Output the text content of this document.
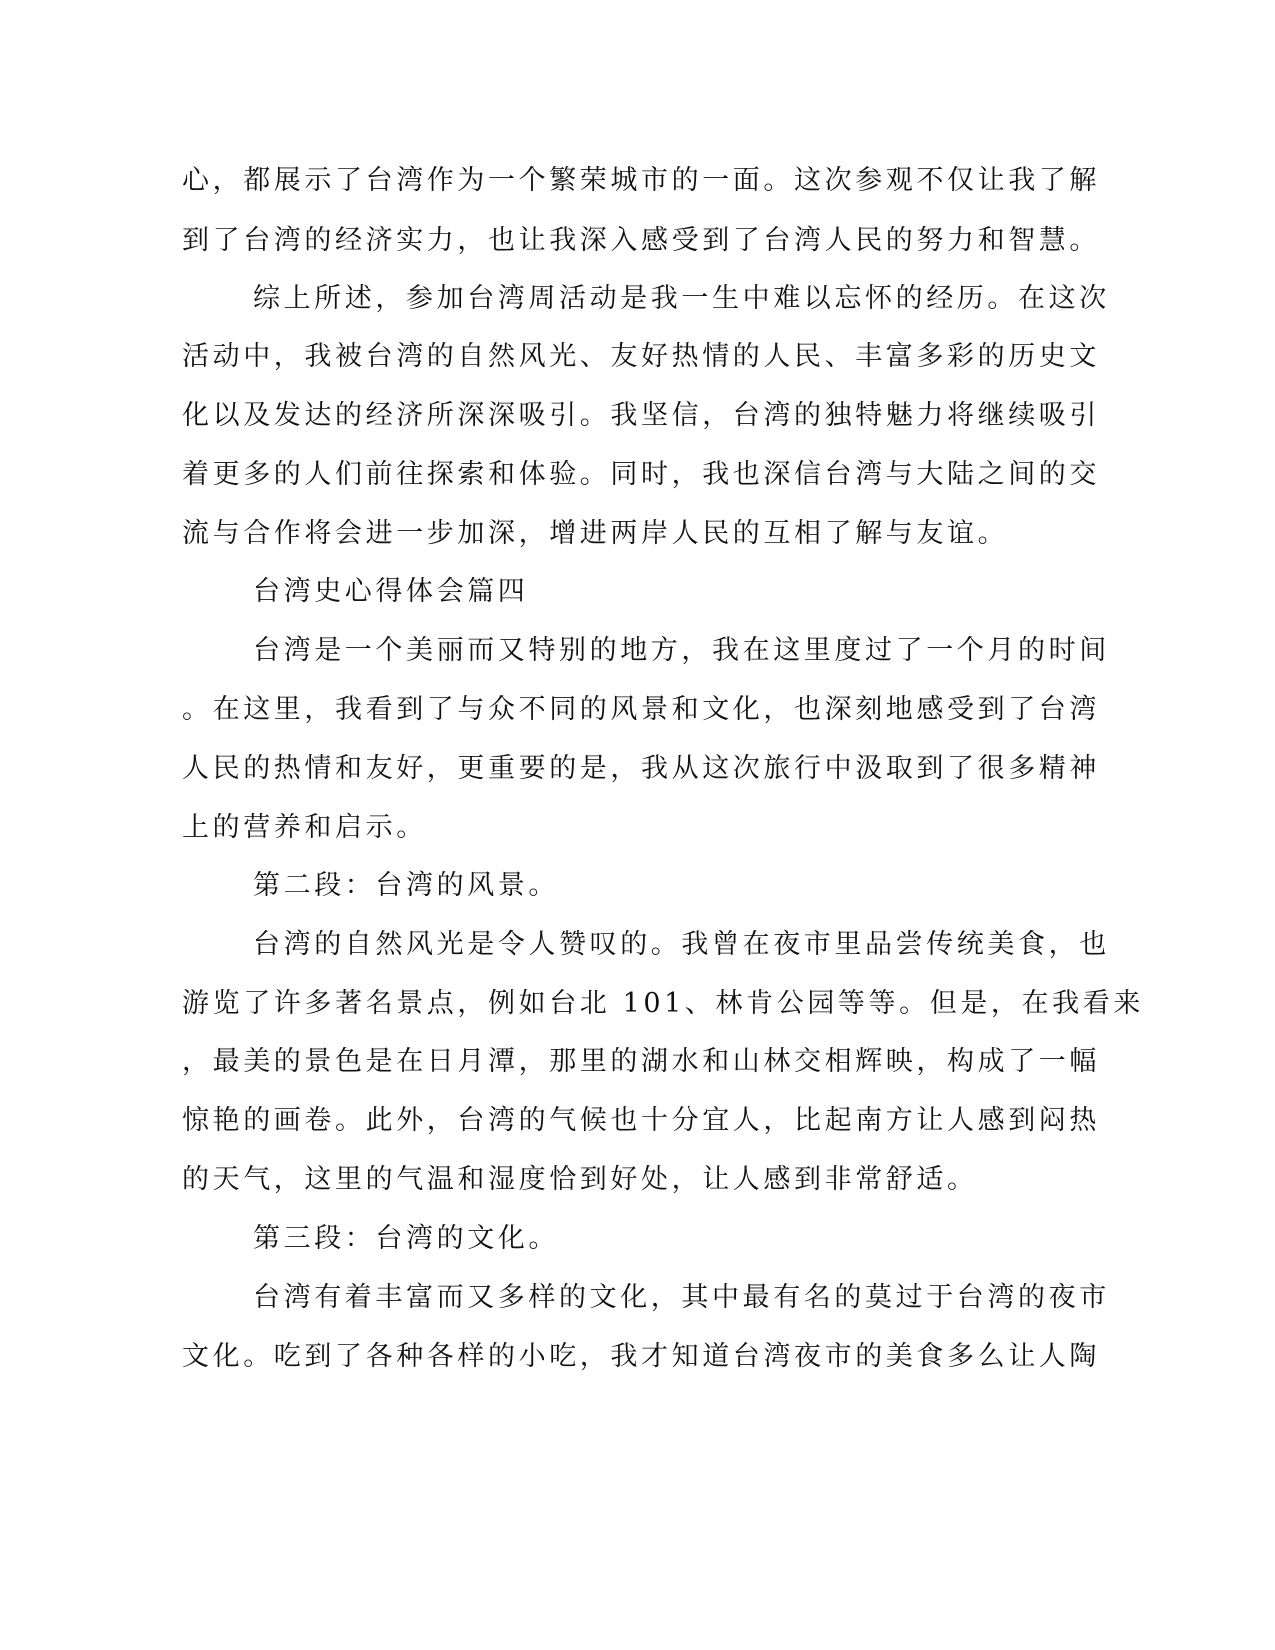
心，都展示了台湾作为一个繁荣城市的一面。这次参观不仅让我了解
到了台湾的经济实力，也让我深入感受到了台湾人民的努力和智慧。
综上所述，参加台湾周活动是我一生中难以忘怀的经历。在这次
活动中，我被台湾的自然风光、友好热情的人民、丰富多彩的历史文
化以及发达的经济所深深吸引。我坚信，台湾的独特魅力将继续吸引
着更多的人们前往探索和体验。同时，我也深信台湾与大陆之间的交
流与合作将会进一步加深，增进两岸人民的互相了解与友谊。
台湾史心得体会篇四
台湾是一个美丽而又特别的地方，我在这里度过了一个月的时间
。在这里，我看到了与众不同的风景和文化，也深刻地感受到了台湾
人民的热情和友好，更重要的是，我从这次旅行中汲取到了很多精神
上的营养和启示。
第二段：台湾的风景。
台湾的自然风光是令人赞叹的。我曾在夜市里品尝传统美食，也
游览了许多著名景点，例如台北 101、林肯公园等等。但是，在我看来
，最美的景色是在日月潭，那里的湖水和山林交相辉映，构成了一幅
惊艳的画卷。此外，台湾的气候也十分宜人，比起南方让人感到闷热
的天气，这里的气温和湿度恰到好处，让人感到非常舒适。
第三段：台湾的文化。
台湾有着丰富而又多样的文化，其中最有名的莫过于台湾的夜市
文化。吃到了各种各样的小吃，我才知道台湾夜市的美食多么让人陶
